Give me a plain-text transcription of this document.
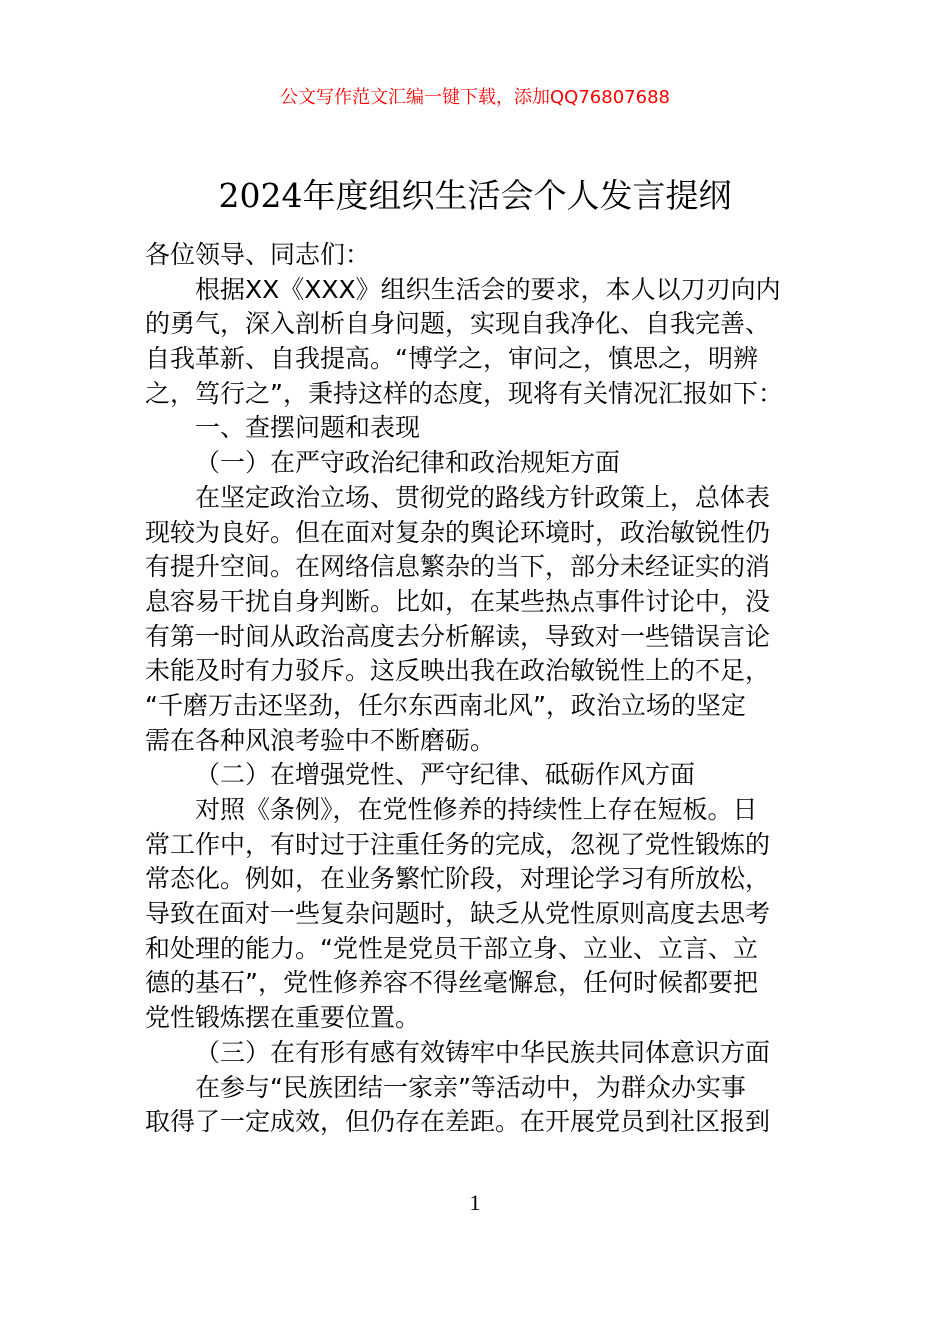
公文写作范文汇编一键下载，添加QQ76807688
2024年度组织生活会个人发言提纲
各位领导、同志们：
根据XX《XXX》组织生活会的要求，本人以刀刃向内
的勇气，深入剖析自身问题，实现自我净化、自我完善、
自我革新、自我提高。“博学之，审问之，慎思之，明辨
之，笃行之”，秉持这样的态度，现将有关情况汇报如下：
一、查摆问题和表现
（一）在严守政治纪律和政治规矩方面
在坚定政治立场、贯彻党的路线方针政策上，总体表
现较为良好。但在面对复杂的舆论环境时，政治敏锐性仍
有提升空间。在网络信息繁杂的当下，部分未经证实的消
息容易干扰自身判断。比如，在某些热点事件讨论中，没
有第一时间从政治高度去分析解读，导致对一些错误言论
未能及时有力驳斥。这反映出我在政治敏锐性上的不足，
“千磨万击还坚劲，任尔东西南北风”，政治立场的坚定
需在各种风浪考验中不断磨砺。
（二）在增强党性、严守纪律、砥砺作风方面
对照《条例》，在党性修养的持续性上存在短板。日
常工作中，有时过于注重任务的完成，忽视了党性锻炼的
常态化。例如，在业务繁忙阶段，对理论学习有所放松，
导致在面对一些复杂问题时，缺乏从党性原则高度去思考
和处理的能力。“党性是党员干部立身、立业、立言、立
德的基石”，党性修养容不得丝毫懈怠，任何时候都要把
党性锻炼摆在重要位置。
（三）在有形有感有效铸牢中华民族共同体意识方面
在参与“民族团结一家亲”等活动中，为群众办实事
取得了一定成效，但仍存在差距。在开展党员到社区报到
1
